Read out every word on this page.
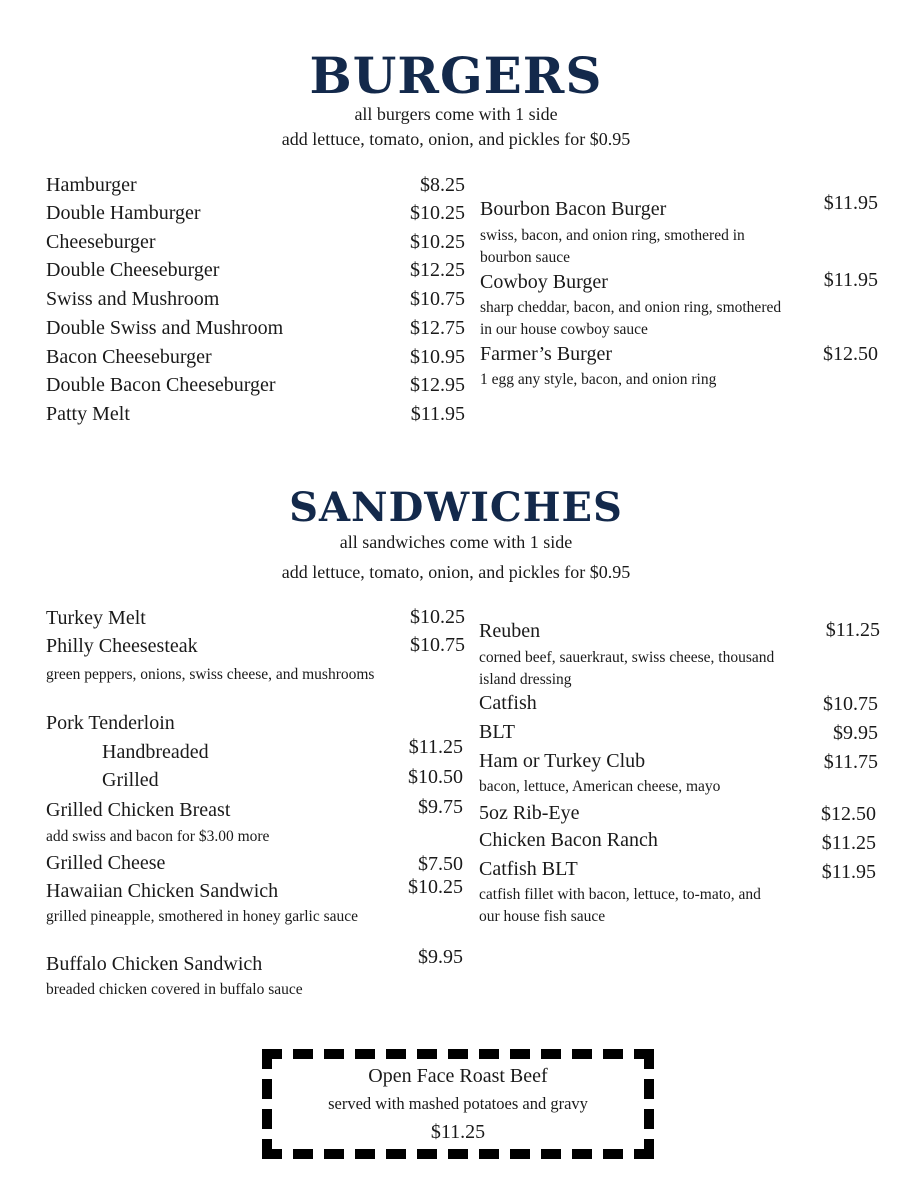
BURGERS
all burgers come with 1 side
add lettuce, tomato, onion, and pickles for $0.95
Hamburger	$8.25
Double Hamburger	$10.25
Cheeseburger	$10.25
Double Cheeseburger	$12.25
Swiss and Mushroom	$10.75
Double Swiss and Mushroom	$12.75
Bacon Cheeseburger	$10.95
Double Bacon Cheeseburger	$12.95
Patty Melt	$11.95
Bourbon Bacon Burger	$11.95
swiss, bacon, and onion ring, smothered in bourbon sauce
Cowboy Burger	$11.95
sharp cheddar, bacon, and onion ring, smothered in our house cowboy sauce
Farmer’s Burger	$12.50
1 egg any style, bacon, and onion ring
SANDWICHES
all sandwiches come with 1 side
add lettuce, tomato, onion, and pickles for $0.95
Turkey Melt	$10.25
Philly Cheesesteak	$10.75
green peppers, onions, swiss cheese, and mushrooms
Pork Tenderloin
Handbreaded	$11.25
Grilled	$10.50
Grilled Chicken Breast	$9.75
add swiss and bacon for $3.00 more
Grilled Cheese	$7.50
Hawaiian Chicken Sandwich	$10.25
grilled pineapple, smothered in honey garlic sauce
Buffalo Chicken Sandwich	$9.95
breaded chicken covered in buffalo sauce
Reuben	$11.25
corned beef, sauerkraut, swiss cheese, thousand island dressing
Catfish	$10.75
BLT	$9.95
Ham or Turkey Club	$11.75
bacon, lettuce, American cheese, mayo
5oz Rib-Eye	$12.50
Chicken Bacon Ranch	$11.25
Catfish BLT	$11.95
catfish fillet with bacon, lettuce, to-mato, and our house fish sauce
Open Face Roast Beef
served with mashed potatoes and gravy
$11.25
